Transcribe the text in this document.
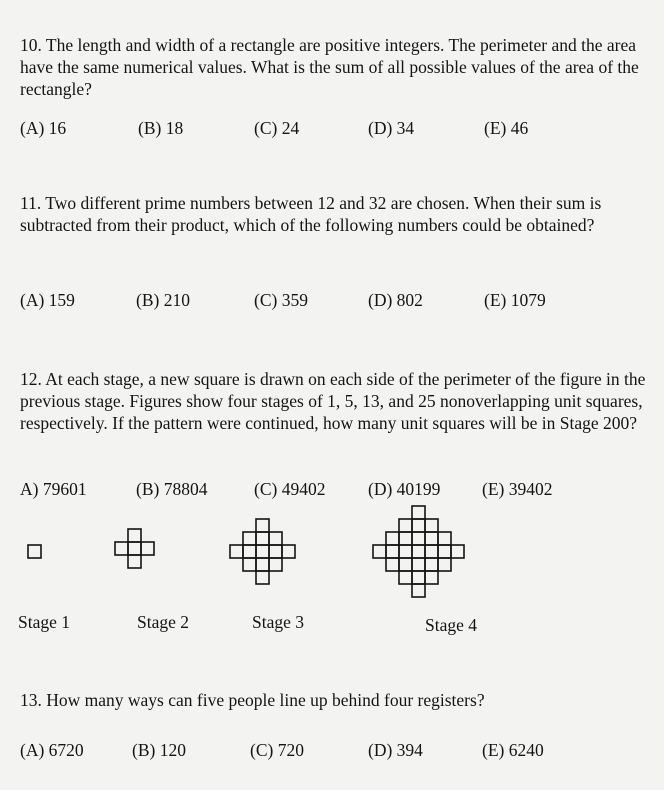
10. The length and width of a rectangle are positive integers. The perimeter and the area have the same numerical values. What is the sum of all possible values of the area of the rectangle?

(A) 16	(B) 18	(C) 24	(D) 34	(E) 46

11. Two different prime numbers between 12 and 32 are chosen. When their sum is subtracted from their product, which of the following numbers could be obtained?

(A) 159	(B) 210	(C) 359	(D) 802	(E) 1079

12. At each stage, a new square is drawn on each side of the perimeter of the figure in the previous stage. Figures show four stages of 1, 5, 13, and 25 nonoverlapping unit squares, respectively. If the pattern were continued, how many unit squares will be in Stage 200?

A) 79601	(B) 78804	(C) 49402 (D) 40199 (E) 39402
Stage 1	Stage 2	Stage 3	Stage 4

13. How many ways can five people line up behind four registers?

(A) 6720	(B) 120	(C) 720	(D) 394	(E) 6240
